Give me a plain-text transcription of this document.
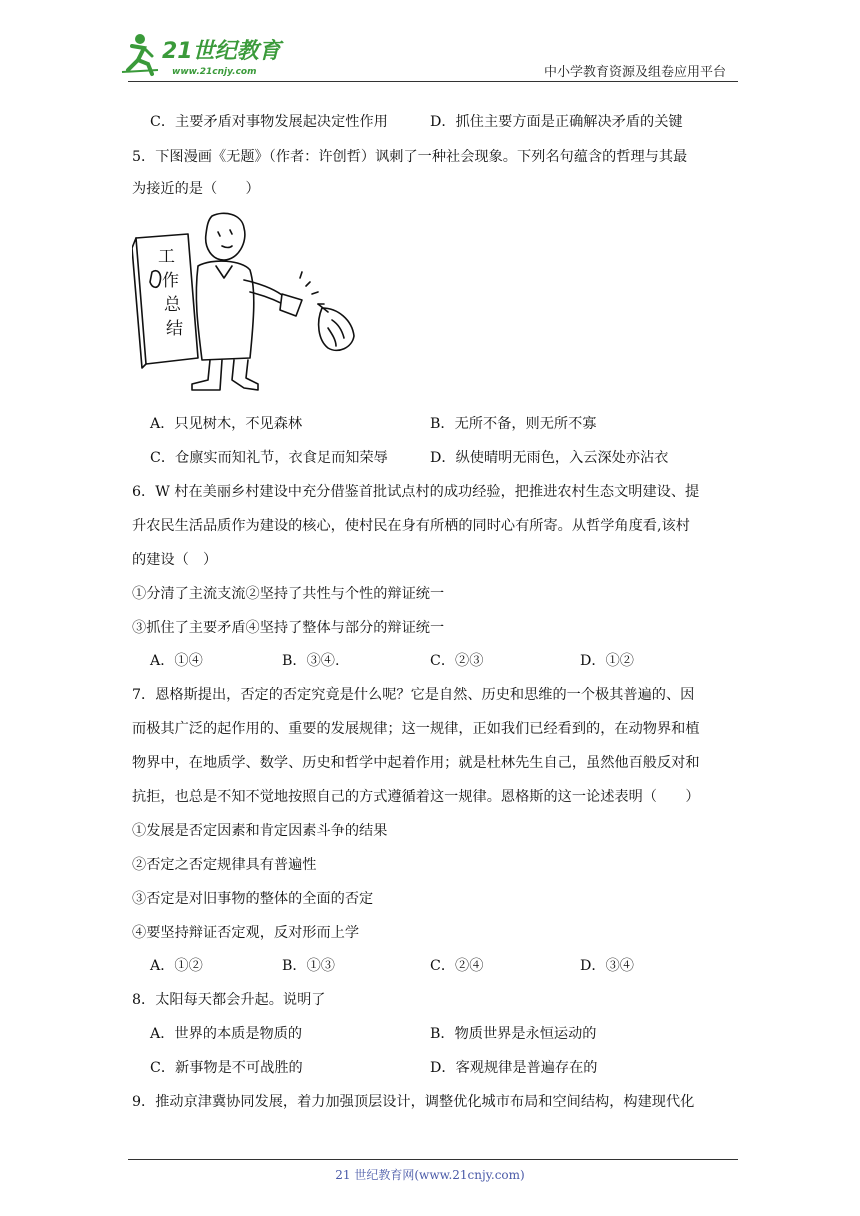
21世纪教育
www.21cnjy.com	中小学教育资源及组卷应用平台
C．主要矛盾对事物发展起决定性作用	D．抓住主要方面是正确解决矛盾的关键
5．下图漫画《无题》（作者：许创哲）讽刺了一种社会现象。下列名句蕴含的哲理与其最
为接近的是（　　）
工
作
总
结
A．只见树木，不见森林	B．无所不备，则无所不寡
C．仓廪实而知礼节，衣食足而知荣辱	D．纵使晴明无雨色，入云深处亦沾衣
6．W 村在美丽乡村建设中充分借鉴首批试点村的成功经验，把推进农村生态文明建设、提
升农民生活品质作为建设的核心，使村民在身有所栖的同时心有所寄。从哲学角度看,该村
的建设（　）
①分清了主流支流②坚持了共性与个性的辩证统一
③抓住了主要矛盾④坚持了整体与部分的辩证统一
A．①④	B．③④.	C．②③	D．①②
7．恩格斯提出，否定的否定究竟是什么呢？它是自然、历史和思维的一个极其普遍的、因
而极其广泛的起作用的、重要的发展规律；这一规律，正如我们已经看到的，在动物界和植
物界中，在地质学、数学、历史和哲学中起着作用；就是杜林先生自己，虽然他百般反对和
抗拒，也总是不知不觉地按照自己的方式遵循着这一规律。恩格斯的这一论述表明（　　）
①发展是否定因素和肯定因素斗争的结果
②否定之否定规律具有普遍性
③否定是对旧事物的整体的全面的否定
④要坚持辩证否定观，反对形而上学
A．①②	B．①③	C．②④	D．③④
8．太阳每天都会升起。说明了
A．世界的本质是物质的	B．物质世界是永恒运动的
C．新事物是不可战胜的	D．客观规律是普遍存在的
9．推动京津冀协同发展，着力加强顶层设计，调整优化城市布局和空间结构，构建现代化
21 世纪教育网(www.21cnjy.com)
